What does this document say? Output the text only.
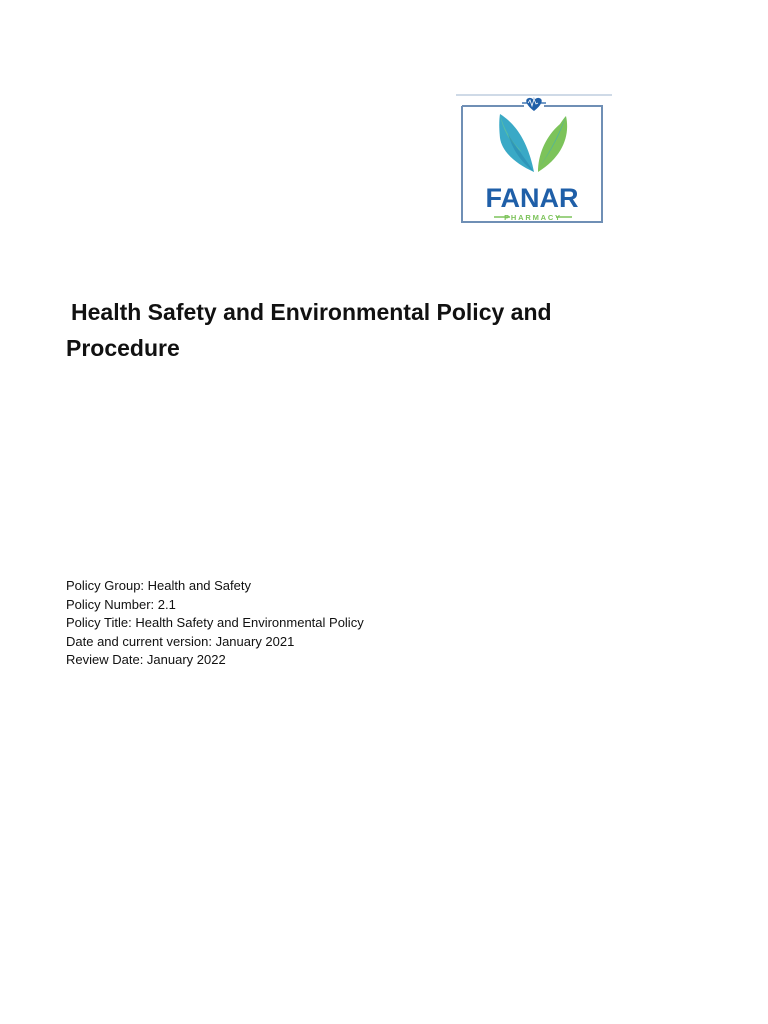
FANAR
PHARMACY
Health Safety and Environmental Policy and
Procedure
Policy Group: Health and Safety
Policy Number: 2.1
Policy Title: Health Safety and Environmental Policy
Date and current version: January 2021
Review Date: January 2022
